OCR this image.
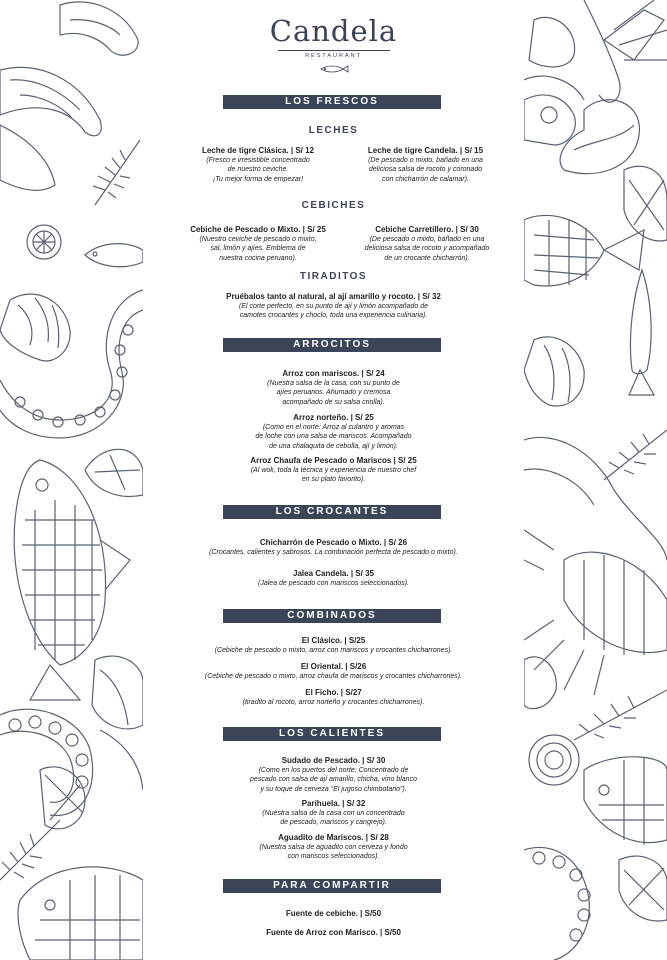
Candela
RESTAURANT
LOS FRESCOS
LECHES
Leche de tigre Clásica. | S/ 12
(Fresco e irresistible concentrado
de nuestro ceviche.
¡Tu mejor forma de empezar!
Leche de tigre Candela. | S/ 15
(De pescado o mixto, bañado en una
deliciosa salsa de rocoto y coronado
con chicharrón de calamar).
CEBICHES
Cebiche de Pescado o Mixto. | S/ 25
(Nuestro ceviche de pescado o mixto,
sal, limón y ajíes. Emblema de
nuestra cocina peruano).
Cebiche Carretillero. | S/ 30
(De pescado o mixto, bañado en una
deliciosa salsa de rocoto y acompañado
de un crocante chicharrón).
TIRADITOS
Pruébalos tanto al natural, al ají amarillo y rocoto. | S/ 32
(El corte perfecto, en su punto de ají y limón acompañado de
camotes crocantes y choclo, toda una experiencia culinaria).
ARROCITOS
Arroz con mariscos. | S/ 24
(Nuestra salsa de la casa, con su punto de
ajíes peruanos. Ahumado y cremosa
acompañado de su salsa criolla).
Arroz norteño. | S/ 25
(Como en el norte: Arroz al culantro y aromas
de loche con una salsa de mariscos. Acompañado
de una chalaquita de cebolla, ají y limón).
Arroz Chaufa de Pescado o Mariscos | S/ 25
(Al wok, toda la técnica y experiencia de nuestro chef
en su plato favorito).
LOS CROCANTES
Chicharrón de Pescado o Mixto. | S/ 26
(Crocantes, calientes y sabrosos. La combinación perfecta de pescado o mixto).
Jalea Candela. | S/ 35
(Jalea de pescado con mariscos seleccionados).
COMBINADOS
El Clásico. | S/25
(Cebiche de pescado o mixto, arroz con mariscos y crocantes chicharrones).
El Oriental. | S/26
(Cebiche de pescado o mixto, arroz chaufa de mariscos y crocantes chicharrones).
El Ficho. | S/27
(tiradito al rocoto, arroz norteño y crocantes chicharrones).
LOS CALIENTES
Sudado de Pescado. | S/ 30
(Como en los puertos del norte: Concentrado de
pescado con salsa de ají amarillo, chicha, vino blanco
y su toque de cerveza “El jugoso chimbotano”).
Parihuela. | S/ 32
(Nuestra salsa de la casa con un concentrado
de pescado, mariscos y cangrejo).
Aguadito de Mariscos. | S/ 28
(Nuestra salsa de aguadito con cerveza y fondo
con mariscos seleccionados).
PARA COMPARTIR
Fuente de cebiche. | S/50
Fuente de Arroz con Marisco. | S/50
